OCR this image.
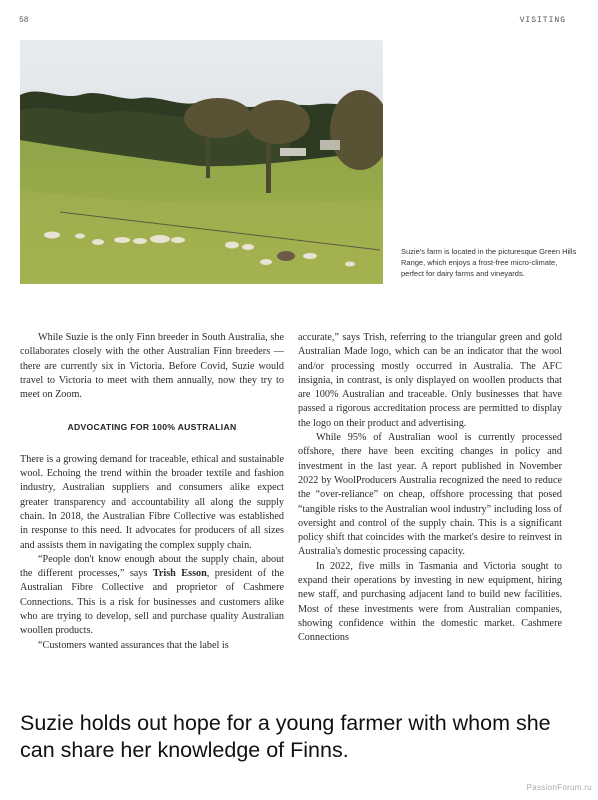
58	VISITING
Suzie's farm is located in the picturesque Green Hills Range, which enjoys a frost-free micro-climate, perfect for dairy farms and vineyards.

While Suzie is the only Finn breeder in South Australia, she collaborates closely with the other Australian Finn breeders — there are currently six in Victoria. Before Covid, Suzie would travel to Victoria to meet with them annually, now they try to meet on Zoom.

ADVOCATING FOR 100% AUSTRALIAN

There is a growing demand for traceable, ethical and sustainable wool. Echoing the trend within the broader textile and fashion industry, Australian suppliers and consumers alike expect greater transparency and accountability all along the supply chain. In 2018, the Australian Fibre Collective was established in response to this need. It advocates for producers of all sizes and assists them in navigating the complex supply chain.

“People don't know enough about the supply chain, about the different processes,” says Trish Esson, president of the Australian Fibre Collective and proprietor of Cashmere Connections. This is a risk for businesses and customers alike who are trying to develop, sell and purchase quality Australian woollen products.

“Customers wanted assurances that the label is

accurate,” says Trish, referring to the triangular green and gold Australian Made logo, which can be an indicator that the wool and/or processing mostly occurred in Australia. The AFC insignia, in contrast, is only displayed on woollen products that are 100% Australian and traceable. Only businesses that have passed a rigorous accreditation process are permitted to display the logo on their product and advertising.

While 95% of Australian wool is currently processed offshore, there have been exciting changes in policy and investment in the last year. A report published in November 2022 by WoolProducers Australia recognized the need to reduce the “over-reliance” on cheap, offshore processing that posed “tangible risks to the Australian wool industry” including loss of oversight and control of the supply chain. This is a significant policy shift that coincides with the market's desire to reinvest in Australia's domestic processing capacity.

In 2022, five mills in Tasmania and Victoria sought to expand their operations by investing in new equipment, hiring new staff, and purchasing adjacent land to build new facilities. Most of these investments were from Australian companies, showing confidence within the domestic market. Cashmere Connections

Suzie holds out hope for a young farmer with whom she can share her knowledge of Finns.

PassionForum.ru
